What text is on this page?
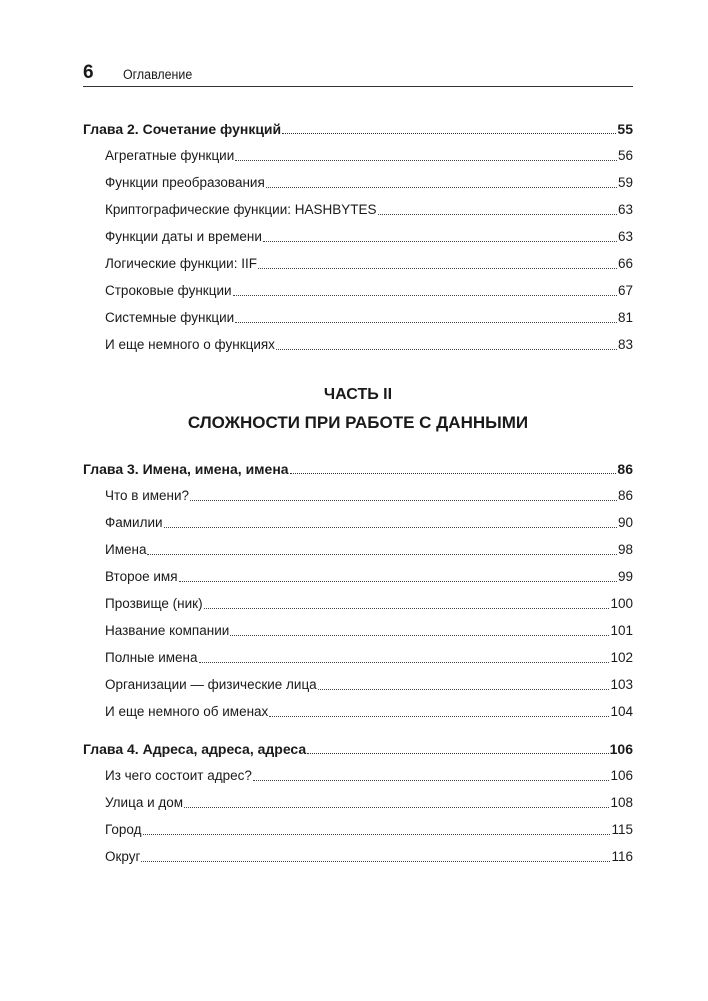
6 Оглавление
Глава 2. Сочетание функций	55
Агрегатные функции	56
Функции преобразования	59
Криптографические функции: HASHBYTES	63
Функции даты и времени	63
Логические функции: IIF	66
Строковые функции	67
Системные функции	81
И еще немного о функциях	83
ЧАСТЬ II
СЛОЖНОСТИ ПРИ РАБОТЕ С ДАННЫМИ
Глава 3. Имена, имена, имена	86
Что в имени?	86
Фамилии	90
Имена	98
Второе имя	99
Прозвище (ник)	100
Название компании	101
Полные имена	102
Организации — физические лица	103
И еще немного об именах	104
Глава 4. Адреса, адреса, адреса	106
Из чего состоит адрес?	106
Улица и дом	108
Город	115
Округ	116
